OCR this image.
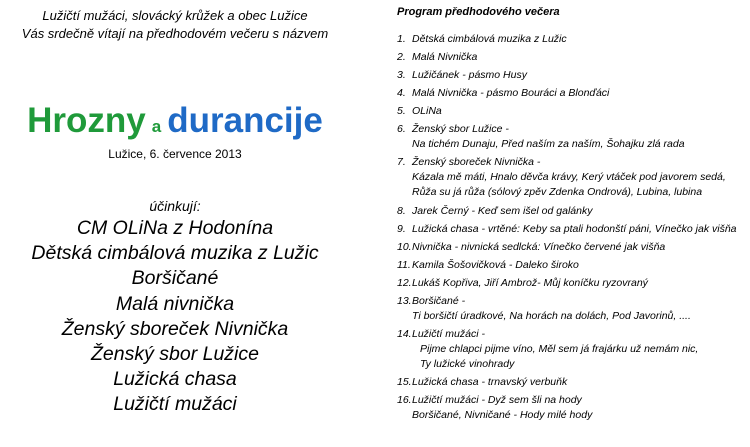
Lužičtí mužáci, slovácký krůžek a obec Lužice
Vás srdečně vítají na předhodovém večeru s názvem
Hrozny a durancije
Lužice, 6. července 2013
účinkují:
CM OLiNa z Hodonína
Dětská cimbálová muzika z Lužic
Boršičané
Malá nivnička
Ženský sboreček Nivnička
Ženský sbor Lužice
Lužická chasa
Lužičtí mužáci
Program předhodového večera
1. Dětská cimbálová muzika z Lužic
2. Malá Nivnička
3. Lužičánek - pásmo Husy
4. Malá Nivnička - pásmo Bouráci a Blonďáci
5. OLiNa
6. Ženský sbor Lužice -
Na tichém Dunaju, Před naším za naším, Šohajku zlá rada
7. Ženský sboreček Nivnička -
Kázala mě máti, Hnalo děvča krávy, Kerý vtáček pod javorem sedá,
Růža su já růža (sólový zpěv Zdenka Ondrová), Lubina, lubina
8. Jarek Černý - Keď sem išel od galánky
9. Lužická chasa - vrtěné: Keby sa ptali hodonští páni, Vínečko jak višňa
10.Nivnička - nivnická sedlcká: Vínečko červené jak višňa
11.Kamila Šošovičková - Daleko široko
12.Lukáš Kopřiva, Jiří Ambrož- Můj koníčku ryzovraný
13.Boršičané -
Ti boršičtí úradkové, Na horách na dolách, Pod Javorinů, ....
14.Lužičtí mužáci -
Pijme chlapci pijme víno, Měl sem já frajárku už nemám nic,
Ty lužické vinohrady
15.Lužická chasa - trnavský verbuňk
16.Lužičtí mužáci - Dyž sem šli na hody
Boršičané, Nivničané - Hody milé hody
